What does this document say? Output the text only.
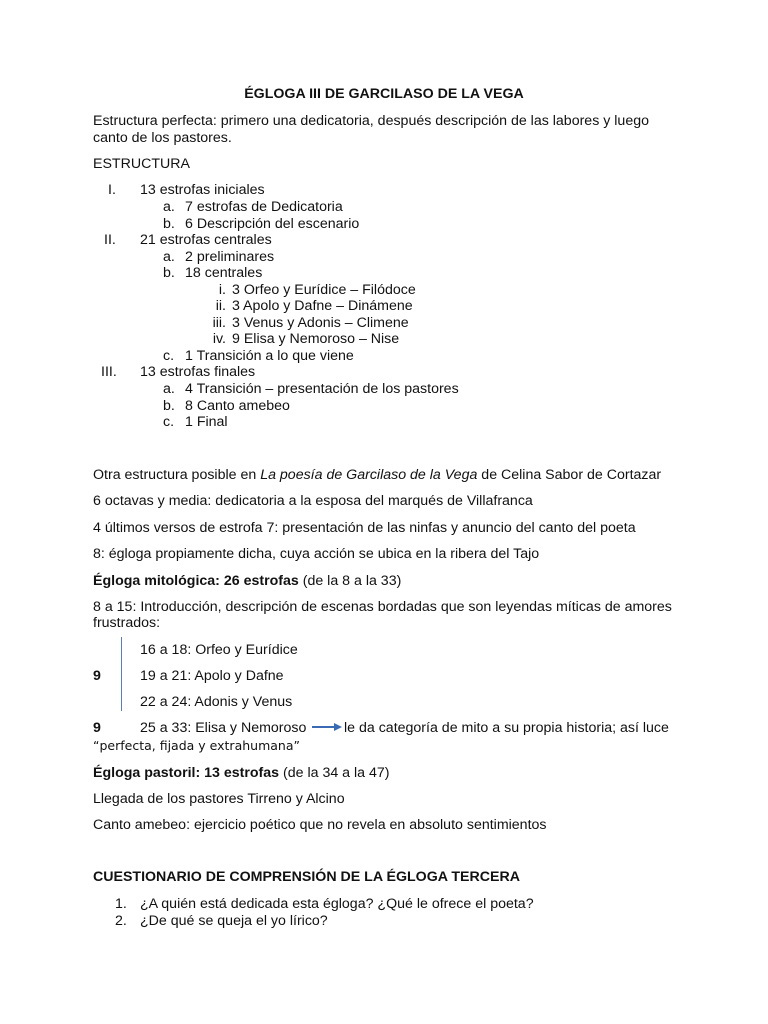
ÉGLOGA III DE GARCILASO DE LA VEGA
Estructura perfecta: primero una dedicatoria, después descripción de las labores y luego
canto de los pastores.
ESTRUCTURA
I. 13 estrofas iniciales
a. 7 estrofas de Dedicatoria
b. 6 Descripción del escenario
II. 21 estrofas centrales
a. 2 preliminares
b. 18 centrales
i. 3 Orfeo y Eurídice – Filódoce
ii. 3 Apolo y Dafne – Dinámene
iii. 3 Venus y Adonis – Climene
iv. 9 Elisa y Nemoroso – Nise
c. 1 Transición a lo que viene
III. 13 estrofas finales
a. 4 Transición – presentación de los pastores
b. 8 Canto amebeo
c. 1 Final
Otra estructura posible en La poesía de Garcilaso de la Vega de Celina Sabor de Cortazar
6 octavas y media: dedicatoria a la esposa del marqués de Villafranca
4 últimos versos de estrofa 7: presentación de las ninfas y anuncio del canto del poeta
8: égloga propiamente dicha, cuya acción se ubica en la ribera del Tajo
Égloga mitológica: 26 estrofas (de la 8 a la 33)
8 a 15: Introducción, descripción de escenas bordadas que son leyendas míticas de amores
frustrados:
16 a 18: Orfeo y Eurídice
9	19 a 21: Apolo y Dafne
22 a 24: Adonis y Venus
9	25 a 33: Elisa y Nemoroso	le da categoría de mito a su propia historia; así luce
“perfecta, fijada y extrahumana”
Égloga pastoril: 13 estrofas (de la 34 a la 47)
Llegada de los pastores Tirreno y Alcino
Canto amebeo: ejercicio poético que no revela en absoluto sentimientos
CUESTIONARIO DE COMPRENSIÓN DE LA ÉGLOGA TERCERA
1. ¿A quién está dedicada esta égloga? ¿Qué le ofrece el poeta?
2. ¿De qué se queja el yo lírico?
